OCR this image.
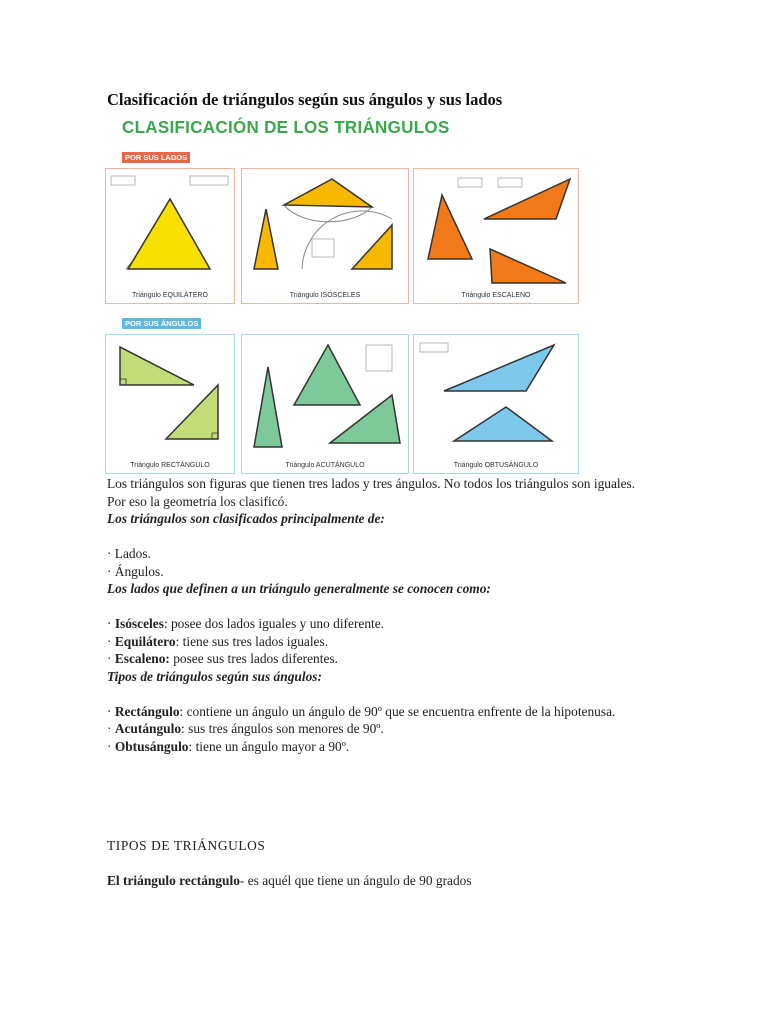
Clasificación de triángulos según sus ángulos y sus lados
CLASIFICACIÓN DE LOS TRIÁNGULOS
POR SUS LADOS
POR SUS ÁNGULOS
Triángulo EQUILÁTERO	Triángulo ISÓSCELES	Triángulo ESCALENO
Triángulo RECTÁNGULO	Triángulo ACUTÁNGULO	Triángulo OBTUSÁNGULO

Los triángulos son figuras que tienen tres lados y tres ángulos. No todos los triángulos son iguales.

Por eso la geometría los clasificó.

Los triángulos son clasificados principalmente de:

· Lados.

· Ángulos.

Los lados que definen a un triángulo generalmente se conocen como:

· Isósceles: posee dos lados iguales y uno diferente.

· Equilátero: tiene sus tres lados iguales.

· Escaleno: posee sus tres lados diferentes.

Tipos de triángulos según sus ángulos:

· Rectángulo: contiene un ángulo un ángulo de 90º que se encuentra enfrente de la hipotenusa.

· Acutángulo: sus tres ángulos son menores de 90º.

· Obtusángulo: tiene un ángulo mayor a 90º.

TIPOS DE TRIÁNGULOS
El triángulo rectángulo- es aquél que tiene un ángulo de 90 grados
